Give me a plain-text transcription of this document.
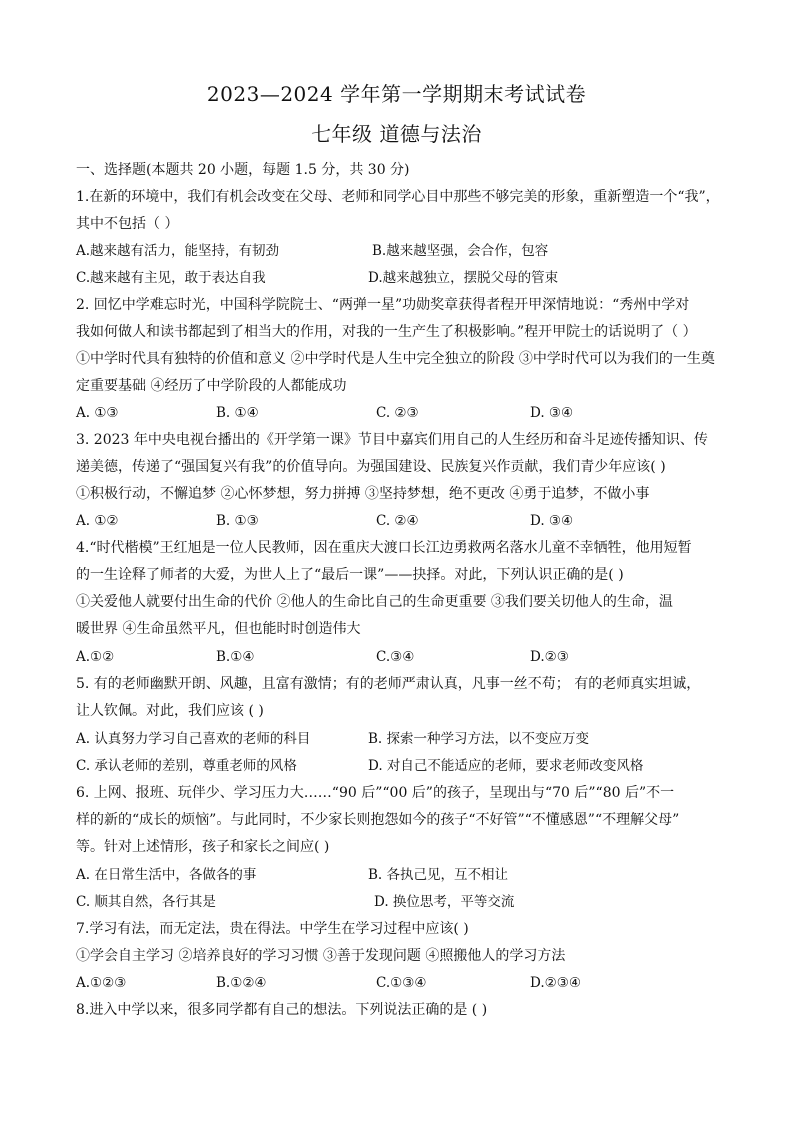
2023—2024 学年第一学期期末考试试卷
七年级 道德与法治
一、选择题(本题共 20 小题，每题 1.5 分，共 30 分)
1.在新的环境中，我们有机会改变在父母、老师和同学心目中那些不够完美的形象，重新塑造一个“我”，
其中不包括（ ）
A.越来越有活力，能坚持，有韧劲	B.越来越坚强，会合作，包容
C.越来越有主见，敢于表达自我	D.越来越独立，摆脱父母的管束
2. 回忆中学难忘时光，中国科学院院士、“两弹一星”功勋奖章获得者程开甲深情地说：“秀州中学对
我如何做人和读书都起到了相当大的作用，对我的一生产生了积极影响。”程开甲院士的话说明了（ ）
①中学时代具有独特的价值和意义 ②中学时代是人生中完全独立的阶段 ③中学时代可以为我们的一生奠
定重要基础 ④经历了中学阶段的人都能成功
A. ①③	B. ①④	C. ②③	D. ③④
3. 2023 年中央电视台播出的《开学第一课》节目中嘉宾们用自己的人生经历和奋斗足迹传播知识、传
递美德，传递了“强国复兴有我”的价值导向。为强国建设、民族复兴作贡献，我们青少年应该( )
①积极行动，不懈追梦 ②心怀梦想，努力拼搏 ③坚持梦想，绝不更改 ④勇于追梦，不做小事
A. ①②	B. ①③	C. ②④	D. ③④
4.“时代楷模”王红旭是一位人民教师，因在重庆大渡口长江边勇救两名落水儿童不幸牺牲，他用短暂
的一生诠释了师者的大爱，为世人上了“最后一课”——抉择。对此，下列认识正确的是( )
①关爱他人就要付出生命的代价 ②他人的生命比自己的生命更重要 ③我们要关切他人的生命，温
暖世界 ④生命虽然平凡，但也能时时创造伟大
A.①②	B.①④	C.③④	D.②③
5. 有的老师幽默开朗、风趣，且富有激情；有的老师严肃认真，凡事一丝不苟； 有的老师真实坦诚，
让人钦佩。对此，我们应该 ( )
A. 认真努力学习自己喜欢的老师的科目	B. 探索一种学习方法，以不变应万变
C. 承认老师的差别，尊重老师的风格	D. 对自己不能适应的老师，要求老师改变风格
6. 上网、报班、玩伴少、学习压力大……“90 后”“00 后”的孩子，呈现出与“70 后”“80 后”不一
样的新的“成长的烦恼”。与此同时，不少家长则抱怨如今的孩子“不好管”“不懂感恩”“不理解父母”
等。针对上述情形，孩子和家长之间应( )
A. 在日常生活中，各做各的事	B. 各执己见，互不相让
C. 顺其自然，各行其是	D. 换位思考，平等交流
7.学习有法，而无定法，贵在得法。中学生在学习过程中应该( )
①学会自主学习 ②培养良好的学习习惯 ③善于发现问题 ④照搬他人的学习方法
A.①②③	B.①②④	C.①③④	D.②③④
8.进入中学以来，很多同学都有自己的想法。下列说法正确的是 ( )
